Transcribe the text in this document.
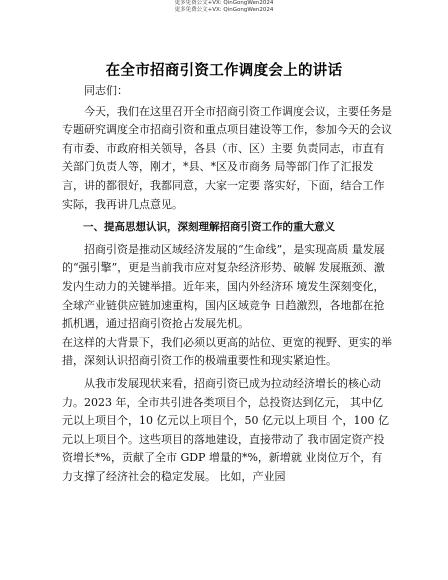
更多免费公文+VX: QinGongWen2024
更多免费公文+VX: QinGongWen2024
在全市招商引资工作调度会上的讲话

同志们：

今天，我们在这里召开全市招商引资工作调度会议，主要任务是专题研究调度全市招商引资和重点项目建设等工作，参加今天的会议有市委、市政府相关领导，各县（市、区）主要 负责同志，市直有关部门负责人等，刚才，*县、*区及市商务 局等部门作了汇报发言，讲的都很好，我都同意，大家一定要 落实好，下面，结合工作实际，我再讲几点意见。

一、提高思想认识，深刻理解招商引资工作的重大意义

招商引资是推动区域经济发展的“生命线”，是实现高质 量发展的“强引擎”，更是当前我市应对复杂经济形势、破解 发展瓶颈、激发内生动力的关键举措。近年来，国内外经济环 境发生深刻变化，全球产业链供应链加速重构，国内区域竞争 日趋激烈，各地都在抢抓机遇，通过招商引资抢占发展先机。

在这样的大背景下，我们必须以更高的站位、更宽的视野、更实的举措，深刻认识招商引资工作的极端重要性和现实紧迫性。

从我市发展现状来看，招商引资已成为拉动经济增长的核心动力。2023 年，全市共引进各类项目个，总投资达到亿元， 其中亿元以上项目个，10 亿元以上项目个，50 亿元以上项目 个，100 亿元以上项目个。这些项目的落地建设，直接带动了 我市固定资产投资增长*%，贡献了全市 GDP 增量的*%，新增就 业岗位万个，有力支撑了经济社会的稳定发展。 比如，产业园
